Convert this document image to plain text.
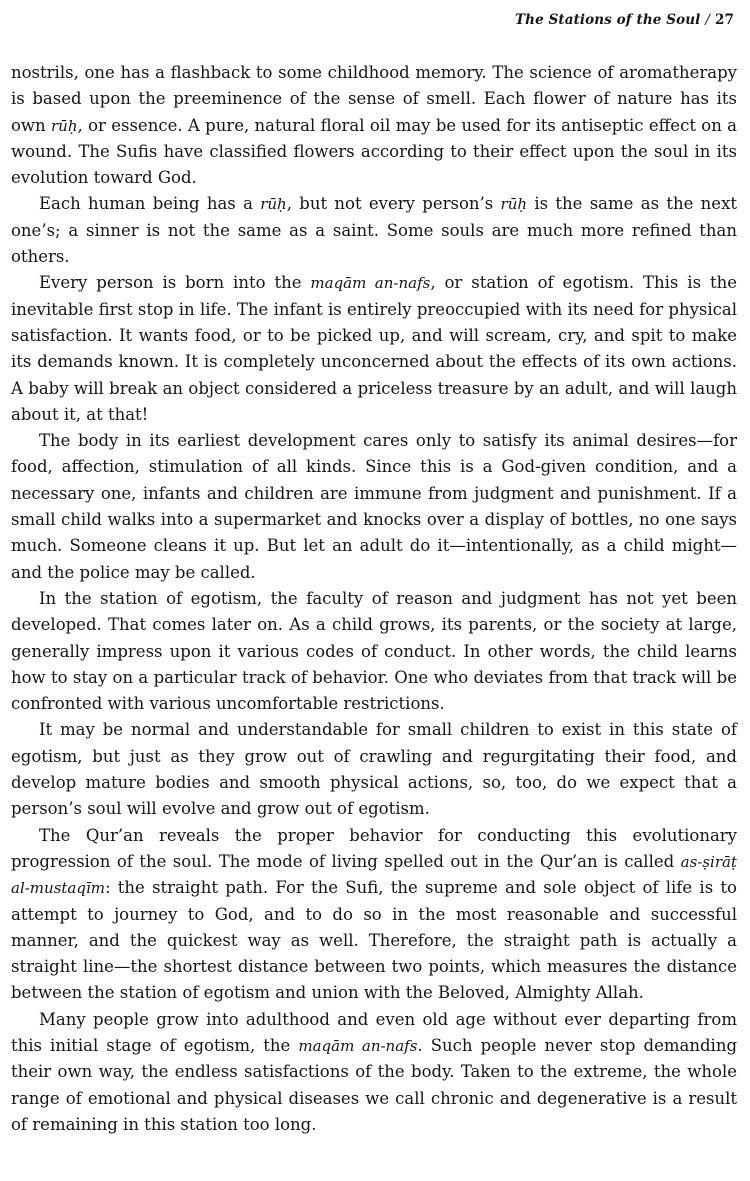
The Stations of the Soul / 27

nostrils, one has a flashback to some childhood memory. The science of aromatherapy is based upon the preeminence of the sense of smell. Each flower of nature has its own rūḥ, or essence. A pure, natural floral oil may be used for its antiseptic effect on a wound. The Sufis have classified flowers according to their effect upon the soul in its evolution toward God.

Each human being has a rūḥ, but not every person’s rūḥ is the same as the next one’s; a sinner is not the same as a saint. Some souls are much more refined than others.

Every person is born into the maqām an-nafs, or station of egotism. This is the inevitable first stop in life. The infant is entirely preoccupied with its need for physical satisfaction. It wants food, or to be picked up, and will scream, cry, and spit to make its demands known. It is completely unconcerned about the effects of its own actions. A baby will break an object considered a priceless treasure by an adult, and will laugh about it, at that!

The body in its earliest development cares only to satisfy its animal desires—for food, affection, stimulation of all kinds. Since this is a God-given condition, and a necessary one, infants and children are immune from judgment and punishment. If a small child walks into a supermarket and knocks over a display of bottles, no one says much. Someone cleans it up. But let an adult do it—intentionally, as a child might—and the police may be called.

In the station of egotism, the faculty of reason and judgment has not yet been developed. That comes later on. As a child grows, its parents, or the society at large, generally impress upon it various codes of conduct. In other words, the child learns how to stay on a particular track of behavior. One who deviates from that track will be confronted with various uncomfortable restrictions.

It may be normal and understandable for small children to exist in this state of egotism, but just as they grow out of crawling and regurgitating their food, and develop mature bodies and smooth physical actions, so, too, do we expect that a person’s soul will evolve and grow out of egotism.

The Qur’an reveals the proper behavior for conducting this evolutionary progression of the soul. The mode of living spelled out in the Qur’an is called as-ṣirāṭ al-mustaqīm: the straight path. For the Sufi, the supreme and sole object of life is to attempt to journey to God, and to do so in the most reasonable and successful manner, and the quickest way as well. Therefore, the straight path is actually a straight line—the shortest distance between two points, which measures the distance between the station of egotism and union with the Beloved, Almighty Allah.

Many people grow into adulthood and even old age without ever departing from this initial stage of egotism, the maqām an-nafs. Such people never stop demanding their own way, the endless satisfactions of the body. Taken to the extreme, the whole range of emotional and physical diseases we call chronic and degenerative is a result of remaining in this station too long.
